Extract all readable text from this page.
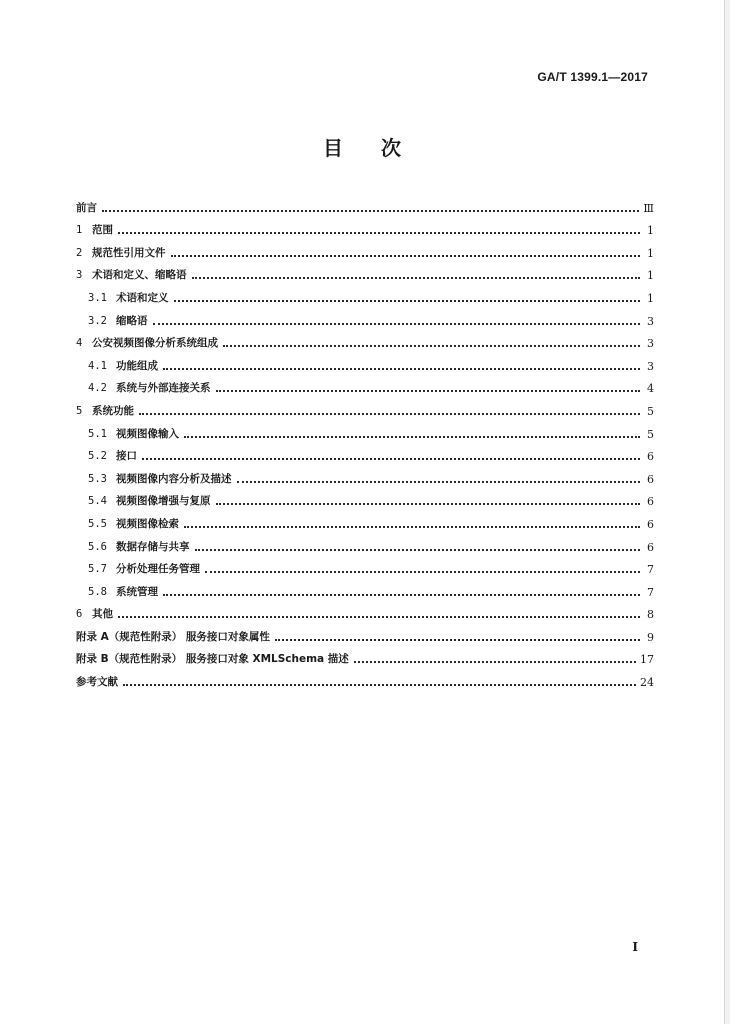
GA/T 1399.1—2017
目 次
前言	Ⅲ
1 范围	1
2 规范性引用文件	1
3 术语和定义、缩略语	1
3.1 术语和定义	1
3.2 缩略语	3
4 公安视频图像分析系统组成	3
4.1 功能组成	3
4.2 系统与外部连接关系	4
5 系统功能	5
5.1 视频图像输入	5
5.2 接口	6
5.3 视频图像内容分析及描述	6
5.4 视频图像增强与复原	6
5.5 视频图像检索	6
5.6 数据存储与共享	6
5.7 分析处理任务管理	7
5.8 系统管理	7
6 其他	8
附录 A（规范性附录） 服务接口对象属性	9
附录 B（规范性附录） 服务接口对象 XMLSchema 描述	17
参考文献	24
I
